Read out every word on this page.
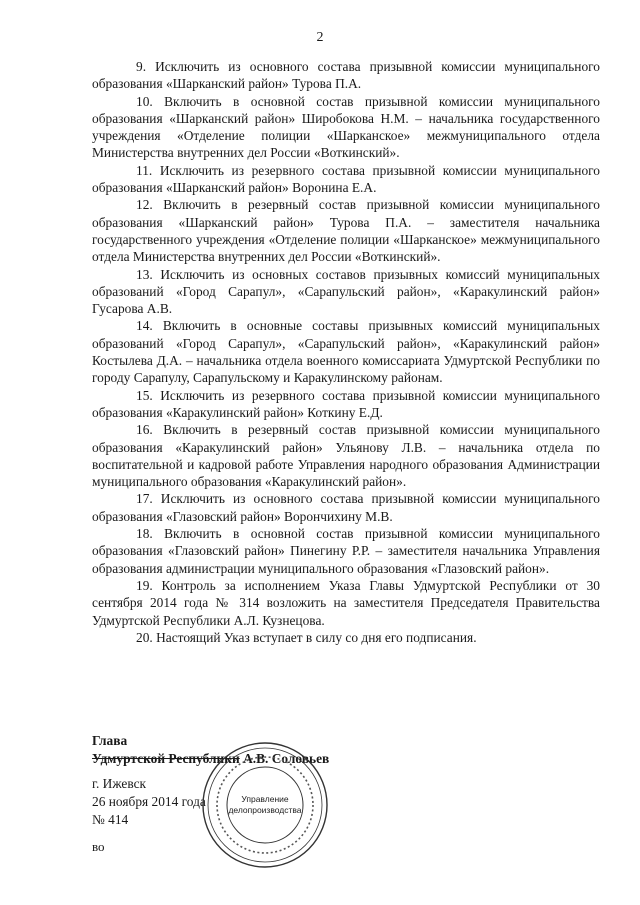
2

9. Исключить из основного состава призывной комиссии муниципального образования «Шарканский район» Турова П.А.

10. Включить в основной состав призывной комиссии муниципального образования «Шарканский район» Широбокова Н.М. – начальника государственного учреждения «Отделение полиции «Шарканское» межмуниципального отдела Министерства внутренних дел России «Воткинский».

11. Исключить из резервного состава призывной комиссии муниципального образования «Шарканский район» Воронина Е.А.

12. Включить в резервный состав призывной комиссии муниципального образования «Шарканский район» Турова П.А. – заместителя начальника государственного учреждения «Отделение полиции «Шарканское» межмуниципального отдела Министерства внутренних дел России «Воткинский».

13. Исключить из основных составов призывных комиссий муниципальных образований «Город Сарапул», «Сарапульский район», «Каракулинский район» Гусарова А.В.

14. Включить в основные составы призывных комиссий муниципальных образований «Город Сарапул», «Сарапульский район», «Каракулинский район» Костылева Д.А. – начальника отдела военного комиссариата Удмуртской Республики по городу Сарапулу, Сарапульскому и Каракулинскому районам.

15. Исключить из резервного состава призывной комиссии муниципального образования «Каракулинский район» Коткину Е.Д.

16. Включить в резервный состав призывной комиссии муниципального образования «Каракулинский район» Ульянову Л.В. – начальника отдела по воспитательной и кадровой работе Управления народного образования Администрации муниципального образования «Каракулинский район».

17. Исключить из основного состава призывной комиссии муниципального образования «Глазовский район» Ворончихину М.В.

18. Включить в основной состав призывной комиссии муниципального образования «Глазовский район» Пинегину Р.Р. – заместителя начальника Управления образования администрации муниципального образования «Глазовский район».

19. Контроль за исполнением Указа Главы Удмуртской Республики от 30 сентября 2014 года № 314 возложить на заместителя Председателя Правительства Удмуртской Республики А.Л. Кузнецова.

20. Настоящий Указ вступает в силу со дня его подписания.

Глава

Удмуртской Республики А.В. Соловьев

г. Ижевск
26 ноября 2014 года
№ 414
во
Управление
делопроизводства
